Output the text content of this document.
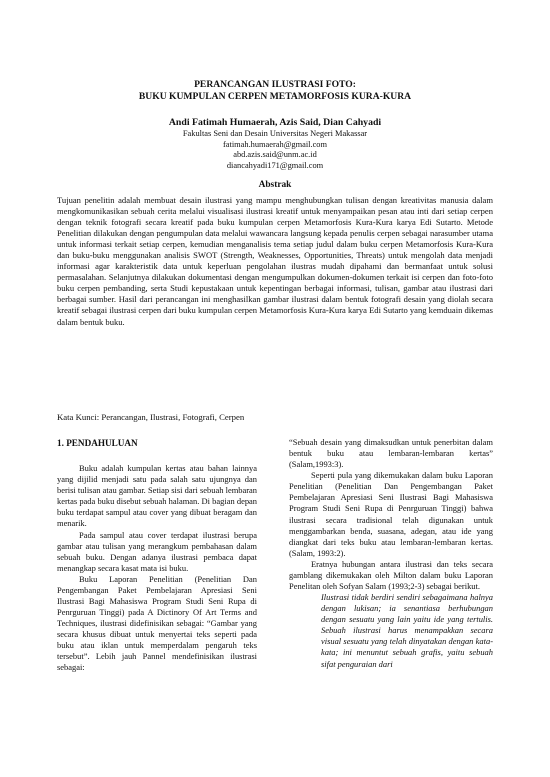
PERANCANGAN ILUSTRASI FOTO:
BUKU KUMPULAN CERPEN METAMORFOSIS KURA-KURA
Andi Fatimah Humaerah, Azis Said, Dian Cahyadi
Fakultas Seni dan Desain Universitas Negeri Makassar
fatimah.humaerah@gmail.com
abd.azis.said@unm.ac.id
diancahyadi171@gmail.com
Abstrak

Tujuan penelitin adalah membuat desain ilustrasi yang mampu menghubungkan tulisan dengan kreativitas manusia dalam mengkomunikasikan sebuah cerita melalui visualisasi ilustrasi kreatif untuk menyampaikan pesan atau inti dari setiap cerpen dengan teknik fotografi secara kreatif pada buku kumpulan cerpen Metamorfosis Kura-Kura karya Edi Sutarto. Metode Penelitian dilakukan dengan pengumpulan data melalui wawancara langsung kepada penulis cerpen sebagai narasumber utama untuk informasi terkait setiap cerpen, kemudian menganalisis tema setiap judul dalam buku cerpen Metamorfosis Kura-Kura dan buku-buku menggunakan analisis SWOT (Strength, Weaknesses, Opportunities, Threats) untuk mengolah data menjadi informasi agar karakteristik data untuk keperluan pengolahan ilustras mudah dipahami dan bermanfaat untuk solusi permasalahan. Selanjutnya dilakukan dokumentasi dengan mengumpulkan dokumen-dokumen terkait isi cerpen dan foto-foto buku cerpen pembanding, serta Studi kepustakaan untuk kepentingan berbagai informasi, tulisan, gambar atau ilustrasi dari berbagai sumber. Hasil dari perancangan ini menghasilkan gambar ilustrasi dalam bentuk fotografi desain yang diolah secara kreatif sebagai ilustrasi cerpen dari buku kumpulan cerpen Metamorfosis Kura-Kura karya Edi Sutarto yang kemduain dikemas dalam bentuk buku.

Kata Kunci: Perancangan, Ilustrasi, Fotografi, Cerpen
1. PENDAHULUAN

Buku adalah kumpulan kertas atau bahan lainnya yang dijilid menjadi satu pada salah satu ujungnya dan berisi tulisan atau gambar. Setiap sisi dari sebuah lembaran kertas pada buku disebut sebuah halaman. Di bagian depan buku terdapat sampul atau cover yang dibuat beragam dan menarik.

Pada sampul atau cover terdapat ilustrasi berupa gambar atau tulisan yang merangkum pembahasan dalam sebuah buku. Dengan adanya ilustrasi pembaca dapat menangkap secara kasat mata isi buku.

Buku Laporan Penelitian (Penelitian Dan Pengembangan Paket Pembelajaran Apresiasi Seni Ilustrasi Bagi Mahasiswa Program Studi Seni Rupa di Penrguruan Tinggi) pada A Dictinory Of Art Terms and Techniques, ilustrasi didefinisikan sebagai: “Gambar yang secara khusus dibuat untuk menyertai teks seperti pada buku atau iklan untuk memperdalam pengaruh teks tersebut”. Lebih jauh Pannel mendefinisikan ilustrasi sebagai:

“Sebuah desain yang dimaksudkan untuk penerbitan dalam bentuk buku atau lembaran-lembaran kertas” (Salam,1993:3).

Seperti pula yang dikemukakan dalam buku Laporan Penelitian (Penelitian Dan Pengembangan Paket Pembelajaran Apresiasi Seni Ilustrasi Bagi Mahasiswa Program Studi Seni Rupa di Penrguruan Tinggi) bahwa ilustrasi secara tradisional telah digunakan untuk menggambarkan benda, suasana, adegan, atau ide yang diangkat dari teks buku atau lembaran-lembaran kertas. (Salam, 1993:2).

Eratnya hubungan antara ilustrasi dan teks secara gamblang dikemukakan oleh Milton dalam buku Laporan Penelitan oleh Sofyan Salam (1993;2-3) sebagai berikut.

Ilustrasi tidak berdiri sendiri sebagaimana halnya dengan lukisan; ia senantiasa berhubungan dengan sesuatu yang lain yaitu ide yang tertulis. Sebuah ilustrasi harus menampakkan secara visual sesuatu yang telah dinyatakan dengan kata-kata; ini menuntut sebuah grafis, yaitu sebuah sifat penguraian dari
